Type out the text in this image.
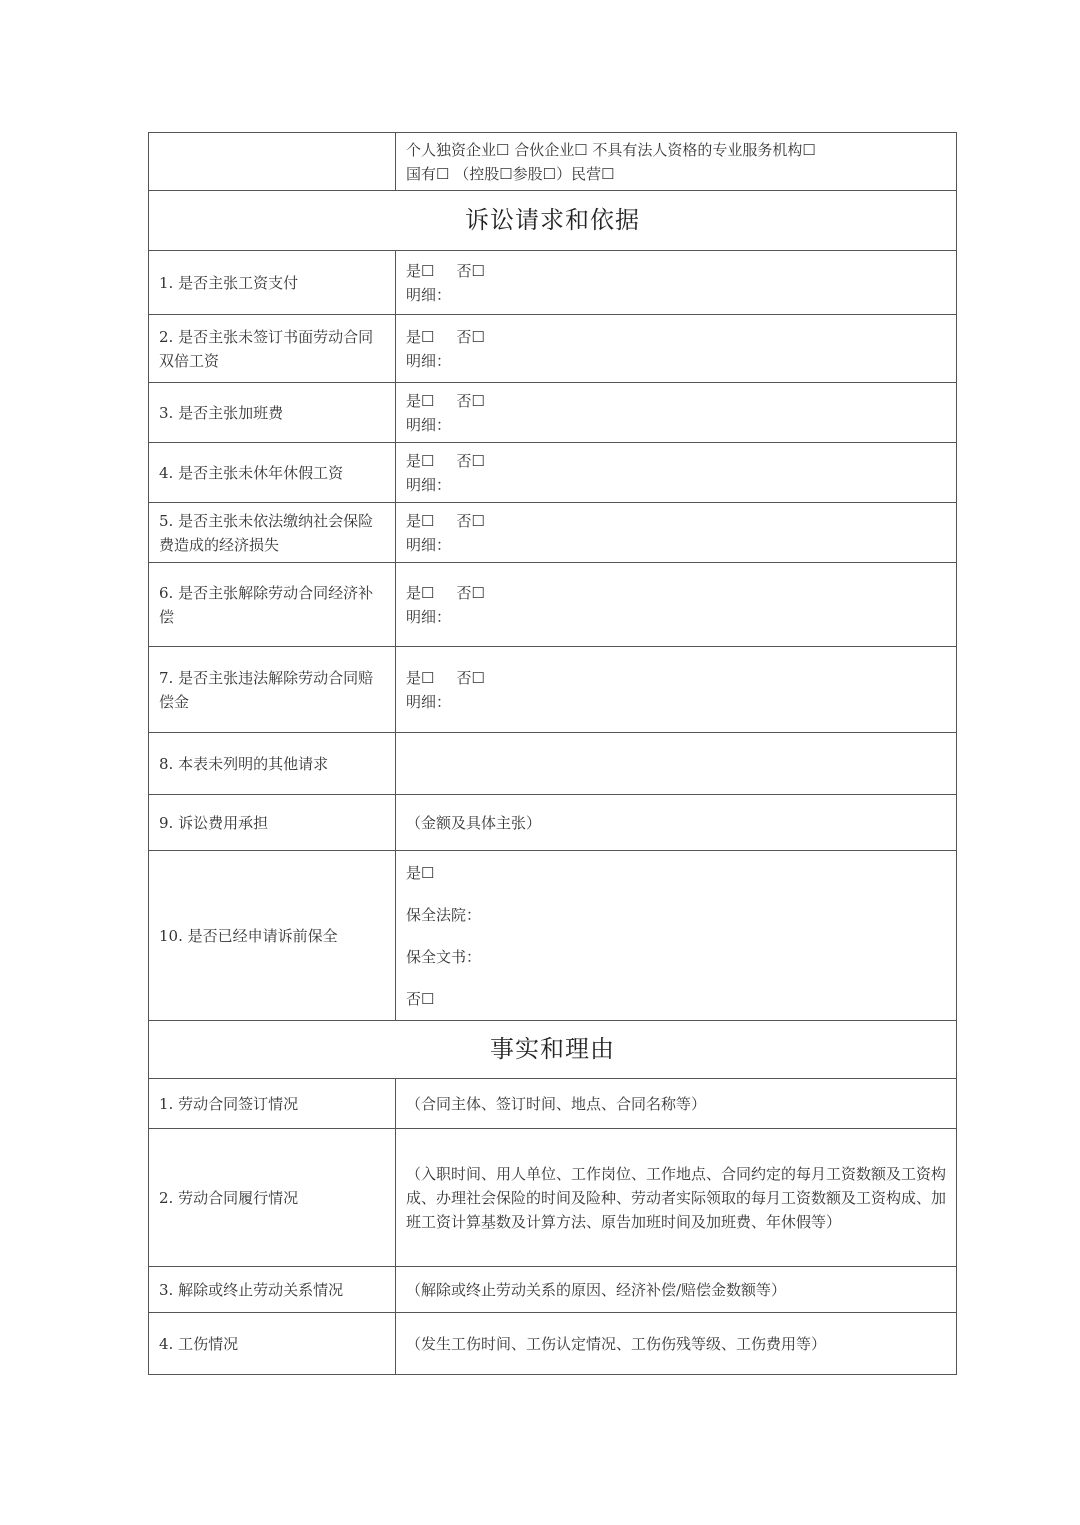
	个人独资企业☐ 合伙企业☐ 不具有法人资格的专业服务机构☐
国有☐ （控股☐参股☐）民营☐

诉讼请求和依据	
1. 是否主张工资支付	是☐ 否☐
明细：

2. 是否主张未签订书面劳动合同双倍工资	是☐ 否☐
明细：

3. 是否主张加班费	是☐ 否☐
明细：

4. 是否主张未休年休假工资	是☐ 否☐
明细：

5. 是否主张未依法缴纳社会保险费造成的经济损失	是☐ 否☐
明细：

6. 是否主张解除劳动合同经济补偿	是☐ 否☐
明细：

7. 是否主张违法解除劳动合同赔偿金	是☐ 否☐
明细：

8. 本表未列明的其他请求	
9. 诉讼费用承担	（金额及具体主张）
10. 是否已经申请诉前保全	是☐
保全法院：
保全文书：
否☐

事实和理由	
1. 劳动合同签订情况	（合同主体、签订时间、地点、合同名称等）
2. 劳动合同履行情况	（入职时间、用人单位、工作岗位、工作地点、合同约定的每月工资数额及工资构成、办理社会保险的时间及险种、劳动者实际领取的每月工资数额及工资构成、加班工资计算基数及计算方法、原告加班时间及加班费、年休假等）
3. 解除或终止劳动关系情况	（解除或终止劳动关系的原因、经济补偿/赔偿金数额等）
4. 工伤情况	（发生工伤时间、工伤认定情况、工伤伤残等级、工伤费用等）
